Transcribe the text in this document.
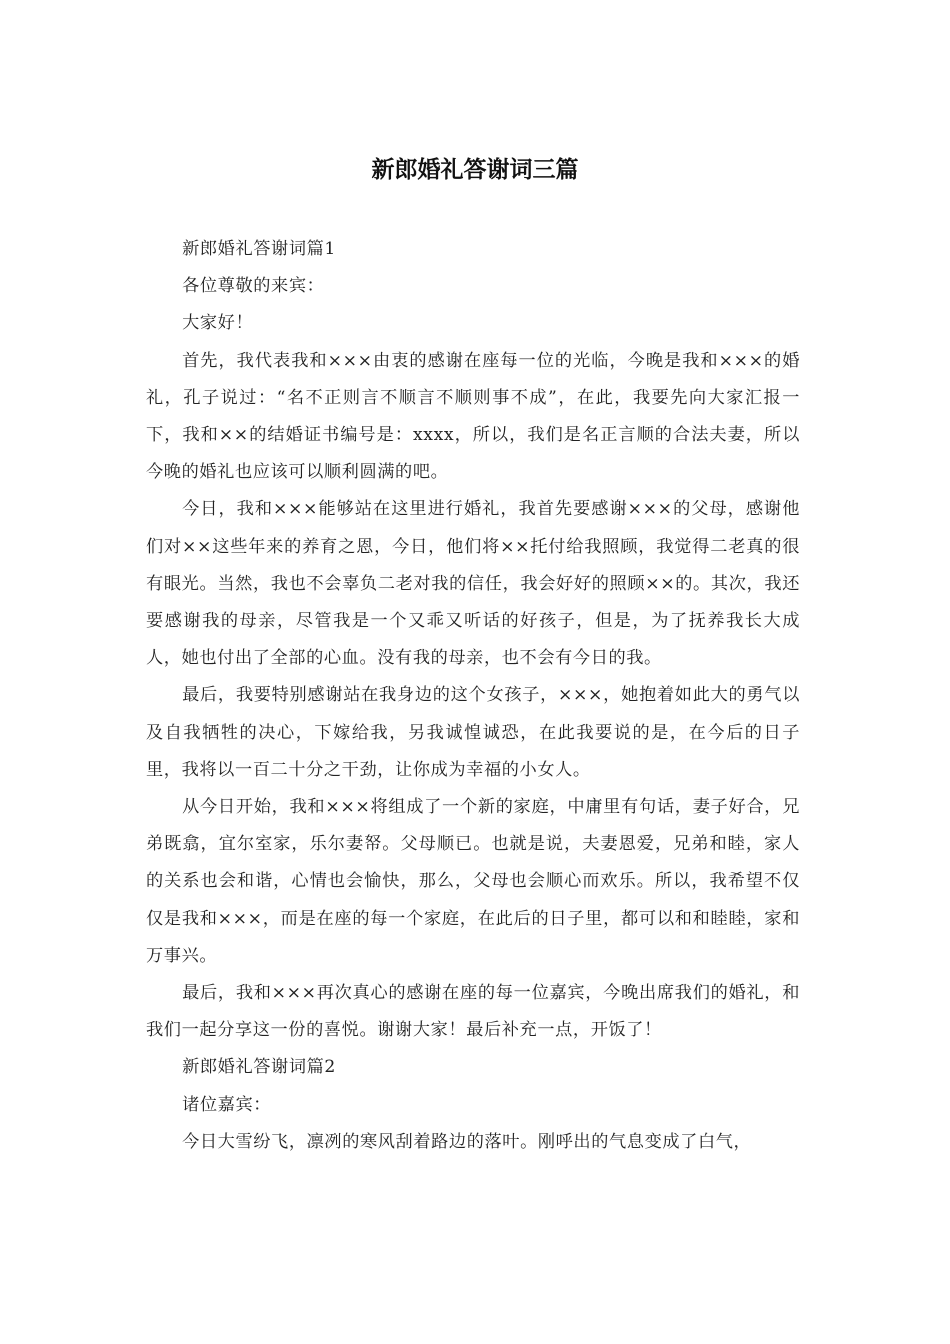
新郎婚礼答谢词三篇

新郎婚礼答谢词篇1

各位尊敬的来宾：

大家好！

首先，我代表我和×××由衷的感谢在座每一位的光临，今晚是我和×××的婚礼，孔子说过：“名不正则言不顺言不顺则事不成”，在此，我要先向大家汇报一下，我和××的结婚证书编号是：xxxx，所以，我们是名正言顺的合法夫妻，所以今晚的婚礼也应该可以顺利圆满的吧。

今日，我和×××能够站在这里进行婚礼，我首先要感谢×××的父母，感谢他们对××这些年来的养育之恩，今日，他们将××托付给我照顾，我觉得二老真的很有眼光。当然，我也不会辜负二老对我的信任，我会好好的照顾××的。其次，我还要感谢我的母亲，尽管我是一个又乖又听话的好孩子，但是，为了抚养我长大成人，她也付出了全部的心血。没有我的母亲，也不会有今日的我。

最后，我要特别感谢站在我身边的这个女孩子，×××，她抱着如此大的勇气以及自我牺牲的决心，下嫁给我，另我诚惶诚恐，在此我要说的是，在今后的日子里，我将以一百二十分之干劲，让你成为幸福的小女人。

从今日开始，我和×××将组成了一个新的家庭，中庸里有句话，妻子好合，兄弟既翕，宜尔室家，乐尔妻帑。父母顺已。也就是说，夫妻恩爱，兄弟和睦，家人的关系也会和谐，心情也会愉快，那么，父母也会顺心而欢乐。所以，我希望不仅仅是我和×××，而是在座的每一个家庭，在此后的日子里，都可以和和睦睦，家和万事兴。

最后，我和×××再次真心的感谢在座的每一位嘉宾，今晚出席我们的婚礼，和我们一起分享这一份的喜悦。谢谢大家！最后补充一点，开饭了！

新郎婚礼答谢词篇2

诸位嘉宾：

今日大雪纷飞，凛冽的寒风刮着路边的落叶。刚呼出的气息变成了白气，
